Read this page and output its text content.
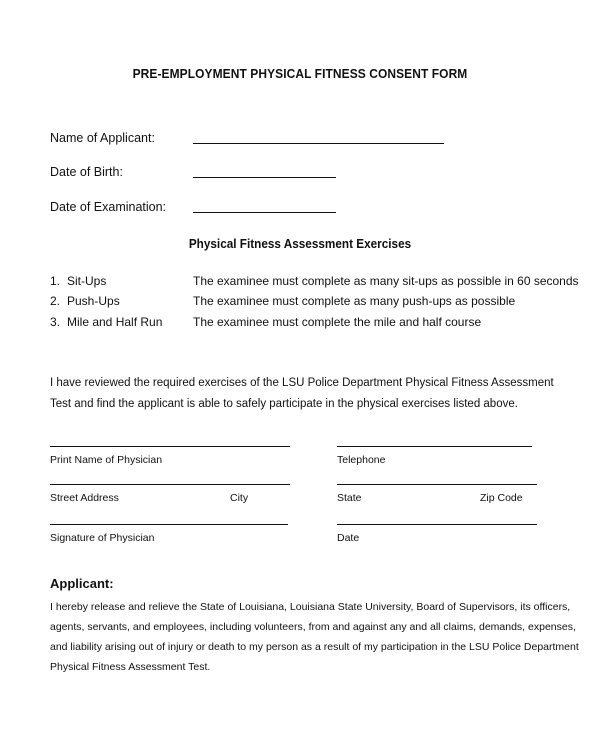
PRE-EMPLOYMENT PHYSICAL FITNESS CONSENT FORM
Name of Applicant:
Date of Birth:
Date of Examination:
Physical Fitness Assessment Exercises
1. Sit-Ups	The examinee must complete as many sit-ups as possible in 60 seconds
2. Push-Ups	The examinee must complete as many push-ups as possible
3. Mile and Half Run	The examinee must complete the mile and half course
I have reviewed the required exercises of the LSU Police Department Physical Fitness Assessment
Test and find the applicant is able to safely participate in the physical exercises listed above.
Print Name of Physician	Telephone
Street Address	City	State	Zip Code
Signature of Physician	Date
Applicant:
I hereby release and relieve the State of Louisiana, Louisiana State University, Board of Supervisors, its officers,
agents, servants, and employees, including volunteers, from and against any and all claims, demands, expenses,
and liability arising out of injury or death to my person as a result of my participation in the LSU Police Department
Physical Fitness Assessment Test.
